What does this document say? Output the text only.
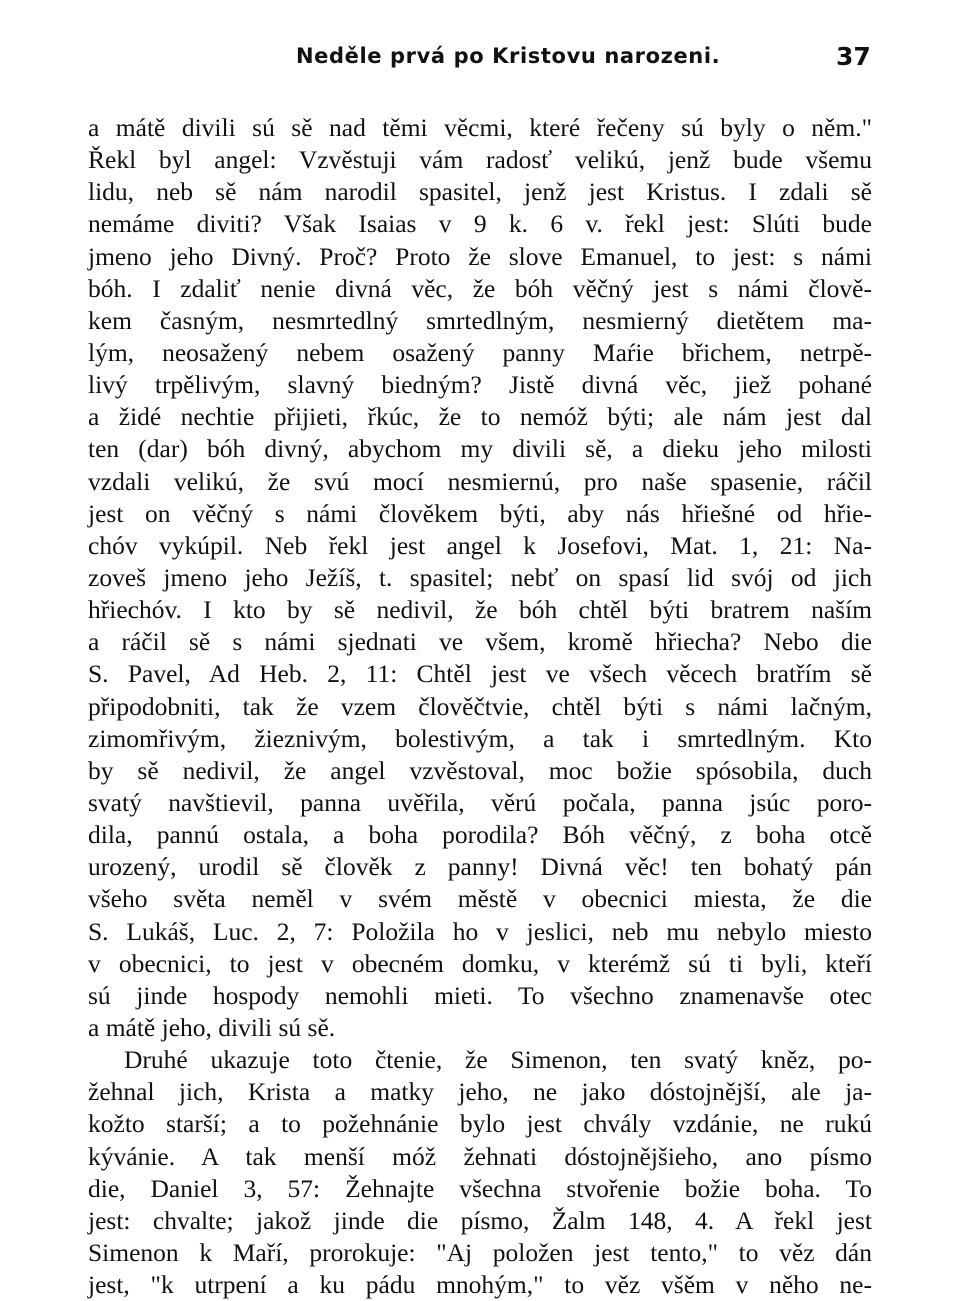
Neděle prvá po Kristovu narozeni.	37
a mátě divili sú sě nad těmi věcmi, které řečeny sú byly o něm."
Řekl byl angel: Vzvěstuji vám radosť velikú, jenž bude všemu
lidu, neb sě nám narodil spasitel, jenž jest Kristus. I zdali sě
nemáme diviti? Však Isaias v 9 k. 6 v. řekl jest: Slúti bude
jmeno jeho Divný. Proč? Proto že slove Emanuel, to jest: s námi
bóh. I zdaliť nenie divná věc, že bóh věčný jest s námi člově-
kem časným, nesmrtedlný smrtedlným, nesmierný dietětem ma-
lým, neosažený nebem osažený panny Maŕie břichem, netrpě-
livý trpělivým, slavný biedným? Jistě divná věc, jiež pohané
a židé nechtie přijieti, řkúc, že to nemóž býti; ale nám jest dal
ten (dar) bóh divný, abychom my divili sě, a dieku jeho milosti
vzdali velikú, že svú mocí nesmiernú, pro naše spasenie, ráčil
jest on věčný s námi člověkem býti, aby nás hřiešné od hřie-
chóv vykúpil. Neb řekl jest angel k Josefovi, Mat. 1, 21: Na-
zoveš jmeno jeho Ježíš, t. spasitel; nebť on spasí lid svój od jich
hřiechóv. I kto by sě nedivil, že bóh chtěl býti bratrem naším
a ráčil sě s námi sjednati ve všem, kromě hřiecha? Nebo die
S. Pavel, Ad Heb. 2, 11: Chtěl jest ve všech věcech bratřím sě
připodobniti, tak že vzem člověčtvie, chtěl býti s námi lačným,
zimomřivým, žieznivým, bolestivým, a tak i smrtedlným. Kto
by sě nedivil, že angel vzvěstoval, moc božie spósobila, duch
svatý navštievil, panna uvěřila, věrú počala, panna jsúc poro-
dila, pannú ostala, a boha porodila? Bóh věčný, z boha otcě
urozený, urodil sě člověk z panny! Divná věc! ten bohatý pán
všeho světa neměl v svém městě v obecnici miesta, že die
S. Lukáš, Luc. 2, 7: Položila ho v jeslici, neb mu nebylo miesto
v obecnici, to jest v obecném domku, v kterémž sú ti byli, kteří
sú jinde hospody nemohli mieti. To všechno znamenavše otec
a mátě jeho, divili sú sě.
Druhé ukazuje toto čtenie, že Simenon, ten svatý kněz, po-
žehnal jich, Krista a matky jeho, ne jako dóstojnější, ale ja-
kožto starší; a to požehnánie bylo jest chvály vzdánie, ne rukú
kývánie. A tak menší móž žehnati dóstojnějšieho, ano písmo
die, Daniel 3, 57: Žehnajte všechna stvořenie božie boha. To
jest: chvalte; jakož jinde die písmo, Žalm 148, 4. A řekl jest
Simenon k Maří, prorokuje: "Aj položen jest tento," to věz dán
jest, "k utrpení a ku pádu mnohým," to věz všěm v něho ne-
